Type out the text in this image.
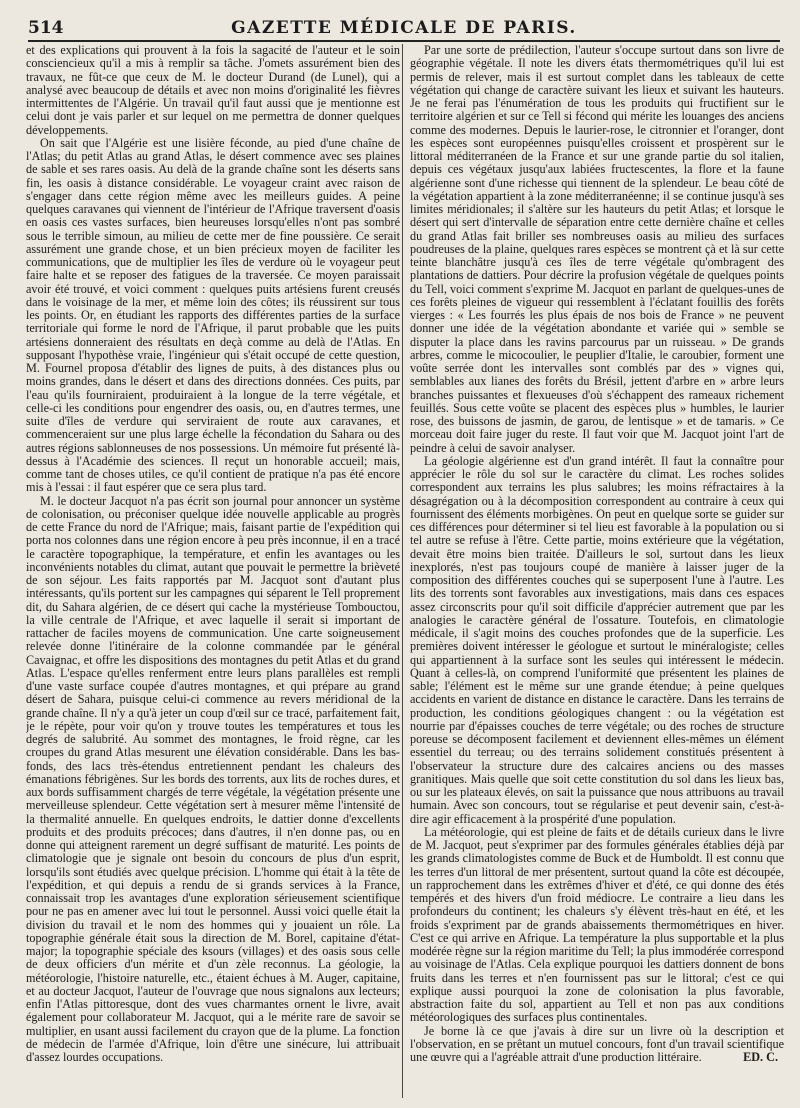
514	GAZETTE MÉDICALE DE PARIS.

et des explications qui prouvent à la fois la sagacité de l'auteur et le soin consciencieux qu'il a mis à remplir sa tâche. J'omets assurément bien des travaux, ne fût-ce que ceux de M. le docteur Durand (de Lunel), qui a analysé avec beaucoup de détails et avec non moins d'originalité les fièvres intermittentes de l'Algérie. Un travail qu'il faut aussi que je mentionne est celui dont je vais parler et sur lequel on me permettra de donner quelques développements.

On sait que l'Algérie est une lisière féconde, au pied d'une chaîne de l'Atlas; du petit Atlas au grand Atlas, le désert commence avec ses plaines de sable et ses rares oasis. Au delà de la grande chaîne sont les déserts sans fin, les oasis à distance considérable. Le voyageur craint avec raison de s'engager dans cette région même avec les meilleurs guides. A peine quelques caravanes qui viennent de l'intérieur de l'Afrique traversent d'oasis en oasis ces vastes surfaces, bien heureuses lorsqu'elles n'ont pas sombré sous le terrible simoun, au milieu de cette mer de fine poussière. Ce serait assurément une grande chose, et un bien précieux moyen de faciliter les communications, que de multiplier les îles de verdure où le voyageur peut faire halte et se reposer des fatigues de la traversée. Ce moyen paraissait avoir été trouvé, et voici comment : quelques puits artésiens furent creusés dans le voisinage de la mer, et même loin des côtes; ils réussirent sur tous les points. Or, en étudiant les rapports des différentes parties de la surface territoriale qui forme le nord de l'Afrique, il parut probable que les puits artésiens donneraient des résultats en deçà comme au delà de l'Atlas. En supposant l'hypothèse vraie, l'ingénieur qui s'était occupé de cette question, M. Fournel proposa d'établir des lignes de puits, à des distances plus ou moins grandes, dans le désert et dans des directions données. Ces puits, par l'eau qu'ils fourniraient, produiraient à la longue de la terre végétale, et celle-ci les conditions pour engendrer des oasis, ou, en d'autres termes, une suite d'îles de verdure qui serviraient de route aux caravanes, et commenceraient sur une plus large échelle la fécondation du Sahara ou des autres régions sablonneuses de nos possessions. Un mémoire fut présenté là-dessus à l'Académie des sciences. Il reçut un honorable accueil; mais, comme tant de choses utiles, ce qu'il contient de pratique n'a pas été encore mis à l'essai : il faut espérer que ce sera plus tard.

M. le docteur Jacquot n'a pas écrit son journal pour annoncer un système de colonisation, ou préconiser quelque idée nouvelle applicable au progrès de cette France du nord de l'Afrique; mais, faisant partie de l'expédition qui porta nos colonnes dans une région encore à peu près inconnue, il en a tracé le caractère topographique, la température, et enfin les avantages ou les inconvénients notables du climat, autant que pouvait le permettre la brièveté de son séjour. Les faits rapportés par M. Jacquot sont d'autant plus intéressants, qu'ils portent sur les campagnes qui séparent le Tell proprement dit, du Sahara algérien, de ce désert qui cache la mystérieuse Tombouctou, la ville centrale de l'Afrique, et avec laquelle il serait si important de rattacher de faciles moyens de communication. Une carte soigneusement relevée donne l'itinéraire de la colonne commandée par le général Cavaignac, et offre les dispositions des montagnes du petit Atlas et du grand Atlas. L'espace qu'elles renferment entre leurs plans parallèles est rempli d'une vaste surface coupée d'autres montagnes, et qui prépare au grand désert de Sahara, puisque celui-ci commence au revers méridional de la grande chaîne. Il n'y a qu'à jeter un coup d'œil sur ce tracé, parfaitement fait, je le répète, pour voir qu'on y trouve toutes les températures et tous les degrés de salubrité. Au sommet des montagnes, le froid règne, car les croupes du grand Atlas mesurent une élévation considérable. Dans les bas-fonds, des lacs très-étendus entretiennent pendant les chaleurs des émanations fébrigènes. Sur les bords des torrents, aux lits de roches dures, et aux bords suffisamment chargés de terre végétale, la végétation présente une merveilleuse splendeur. Cette végétation sert à mesurer même l'intensité de la thermalité annuelle. En quelques endroits, le dattier donne d'excellents produits et des produits précoces; dans d'autres, il n'en donne pas, ou en donne qui atteignent rarement un degré suffisant de maturité. Les points de climatologie que je signale ont besoin du concours de plus d'un esprit, lorsqu'ils sont étudiés avec quelque précision. L'homme qui était à la tête de l'expédition, et qui depuis a rendu de si grands services à la France, connaissait trop les avantages d'une exploration sérieusement scientifique pour ne pas en amener avec lui tout le personnel. Aussi voici quelle était la division du travail et le nom des hommes qui y jouaient un rôle. La topographie générale était sous la direction de M. Borel, capitaine d'état-major; la topographie spéciale des ksours (villages) et des oasis sous celle de deux officiers d'un mérite et d'un zèle reconnus. La géologie, la météorologie, l'histoire naturelle, etc., étaient échues à M. Auger, capitaine, et au docteur Jacquot, l'auteur de l'ouvrage que nous signalons aux lecteurs; enfin l'Atlas pittoresque, dont des vues charmantes ornent le livre, avait également pour collaborateur M. Jacquot, qui a le mérite rare de savoir se multiplier, en usant aussi facilement du crayon que de la plume. La fonction de médecin de l'armée d'Afrique, loin d'être une sinécure, lui attribuait d'assez lourdes occupations.

Par une sorte de prédilection, l'auteur s'occupe surtout dans son livre de géographie végétale. Il note les divers états thermométriques qu'il lui est permis de relever, mais il est surtout complet dans les tableaux de cette végétation qui change de caractère suivant les lieux et suivant les hauteurs. Je ne ferai pas l'énumération de tous les produits qui fructifient sur le territoire algérien et sur ce Tell si fécond qui mérite les louanges des anciens comme des modernes. Depuis le laurier-rose, le citronnier et l'oranger, dont les espèces sont européennes puisqu'elles croissent et prospèrent sur le littoral méditerranéen de la France et sur une grande partie du sol italien, depuis ces végétaux jusqu'aux labiées fructescentes, la flore et la faune algérienne sont d'une richesse qui tiennent de la splendeur. Le beau côté de la végétation appartient à la zone méditerranéenne; il se continue jusqu'à ses limites méridionales; il s'altère sur les hauteurs du petit Atlas; et lorsque le désert qui sert d'intervalle de séparation entre cette dernière chaîne et celles du grand Atlas fait briller ses nombreuses oasis au milieu des surfaces poudreuses de la plaine, quelques rares espèces se montrent çà et là sur cette teinte blanchâtre jusqu'à ces îles de terre végétale qu'ombragent des plantations de dattiers. Pour décrire la profusion végétale de quelques points du Tell, voici comment s'exprime M. Jacquot en parlant de quelques-unes de ces forêts pleines de vigueur qui ressemblent à l'éclatant fouillis des forêts vierges : « Les fourrés les plus épais de nos bois de France » ne peuvent donner une idée de la végétation abondante et variée qui » semble se disputer la place dans les ravins parcourus par un ruisseau. » De grands arbres, comme le micocoulier, le peuplier d'Italie, le caroubier, forment une voûte serrée dont les intervalles sont comblés par des » vignes qui, semblables aux lianes des forêts du Brésil, jettent d'arbre en » arbre leurs branches puissantes et flexueuses d'où s'échappent des rameaux richement feuillés. Sous cette voûte se placent des espèces plus » humbles, le laurier rose, des buissons de jasmin, de garou, de lentisque » et de tamaris. » Ce morceau doit faire juger du reste. Il faut voir que M. Jacquot joint l'art de peindre à celui de savoir analyser.

La géologie algérienne est d'un grand intérêt. Il faut la connaître pour apprécier le rôle du sol sur le caractère du climat. Les roches solides correspondent aux terrains les plus salubres; les moins réfractaires à la désagrégation ou à la décomposition correspondent au contraire à ceux qui fournissent des éléments morbigènes. On peut en quelque sorte se guider sur ces différences pour déterminer si tel lieu est favorable à la population ou si tel autre se refuse à l'être. Cette partie, moins extérieure que la végétation, devait être moins bien traitée. D'ailleurs le sol, surtout dans les lieux inexplorés, n'est pas toujours coupé de manière à laisser juger de la composition des différentes couches qui se superposent l'une à l'autre. Les lits des torrents sont favorables aux investigations, mais dans ces espaces assez circonscrits pour qu'il soit difficile d'apprécier autrement que par les analogies le caractère général de l'ossature. Toutefois, en climatologie médicale, il s'agit moins des couches profondes que de la superficie. Les premières doivent intéresser le géologue et surtout le minéralogiste; celles qui appartiennent à la surface sont les seules qui intéressent le médecin. Quant à celles-là, on comprend l'uniformité que présentent les plaines de sable; l'élément est le même sur une grande étendue; à peine quelques accidents en varient de distance en distance le caractère. Dans les terrains de production, les conditions géologiques changent : ou la végétation est nourrie par d'épaisses couches de terre végétale; ou des roches de structure poreuse se décomposent facilement et deviennent elles-mêmes un élément essentiel du terreau; ou des terrains solidement constitués présentent à l'observateur la structure dure des calcaires anciens ou des masses granitiques. Mais quelle que soit cette constitution du sol dans les lieux bas, ou sur les plateaux élevés, on sait la puissance que nous attribuons au travail humain. Avec son concours, tout se régularise et peut devenir sain, c'est-à-dire agir efficacement à la prospérité d'une population.

La météorologie, qui est pleine de faits et de détails curieux dans le livre de M. Jacquot, peut s'exprimer par des formules générales établies déjà par les grands climatologistes comme de Buck et de Humboldt. Il est connu que les terres d'un littoral de mer présentent, surtout quand la côte est découpée, un rapprochement dans les extrêmes d'hiver et d'été, ce qui donne des étés tempérés et des hivers d'un froid médiocre. Le contraire a lieu dans les profondeurs du continent; les chaleurs s'y élèvent très-haut en été, et les froids s'expriment par de grands abaissements thermométriques en hiver. C'est ce qui arrive en Afrique. La température la plus supportable et la plus modérée règne sur la région maritime du Tell; la plus immodérée correspond au voisinage de l'Atlas. Cela explique pourquoi les dattiers donnent de bons fruits dans les terres et n'en fournissent pas sur le littoral; c'est ce qui explique aussi pourquoi la zone de colonisation la plus favorable, abstraction faite du sol, appartient au Tell et non pas aux conditions météorologiques des surfaces plus continentales.

Je borne là ce que j'avais à dire sur un livre où la description et l'observation, en se prêtant un mutuel concours, font d'un travail scientifique une œuvre qui a l'agréable attrait d'une production littéraire.	ED. C.
